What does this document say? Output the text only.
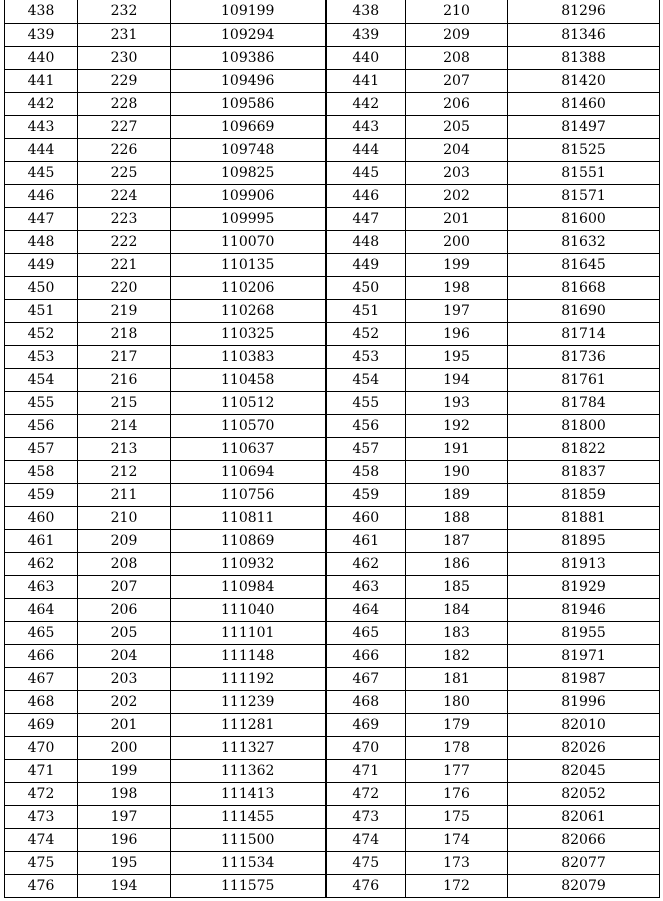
438	232	109199	438	210	81296
439	231	109294	439	209	81346
440	230	109386	440	208	81388
441	229	109496	441	207	81420
442	228	109586	442	206	81460
443	227	109669	443	205	81497
444	226	109748	444	204	81525
445	225	109825	445	203	81551
446	224	109906	446	202	81571
447	223	109995	447	201	81600
448	222	110070	448	200	81632
449	221	110135	449	199	81645
450	220	110206	450	198	81668
451	219	110268	451	197	81690
452	218	110325	452	196	81714
453	217	110383	453	195	81736
454	216	110458	454	194	81761
455	215	110512	455	193	81784
456	214	110570	456	192	81800
457	213	110637	457	191	81822
458	212	110694	458	190	81837
459	211	110756	459	189	81859
460	210	110811	460	188	81881
461	209	110869	461	187	81895
462	208	110932	462	186	81913
463	207	110984	463	185	81929
464	206	111040	464	184	81946
465	205	111101	465	183	81955
466	204	111148	466	182	81971
467	203	111192	467	181	81987
468	202	111239	468	180	81996
469	201	111281	469	179	82010
470	200	111327	470	178	82026
471	199	111362	471	177	82045
472	198	111413	472	176	82052
473	197	111455	473	175	82061
474	196	111500	474	174	82066
475	195	111534	475	173	82077
476	194	111575	476	172	82079
